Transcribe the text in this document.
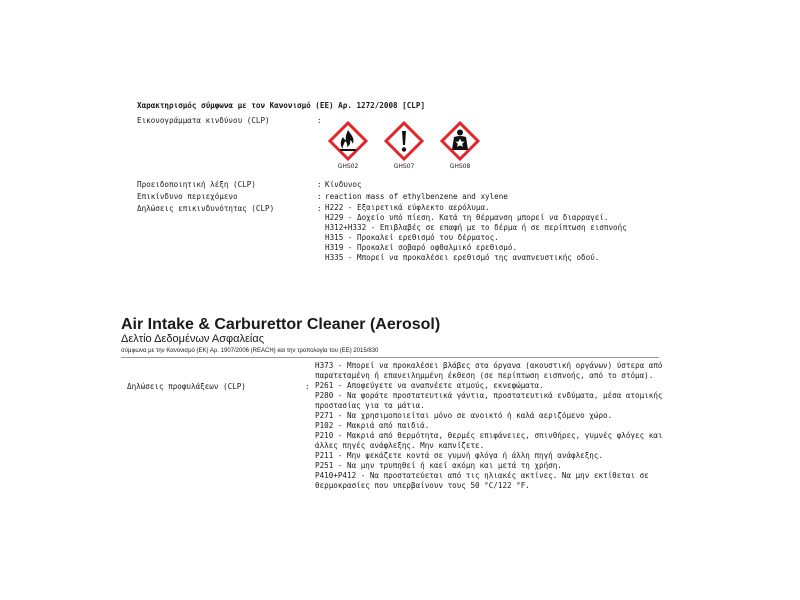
Χαρακτηρισμός σύμφωνα με τον Κανονισμό (ΕΕ) Αρ. 1272/2008 [CLP]
Εικονογράμματα κινδύνου (CLP)	:
GHS02	GHS07	GHS08
Προειδοποιητική λέξη (CLP)	: Κίνδυνος
Επικίνδυνο περιεχόμενο	: reaction mass of ethylbenzene and xylene
Δηλώσεις επικινδυνότητας (CLP)	: H222 - Εξαιρετικά εύφλεκτο αερόλυμα.
H229 - Δοχείο υπό πίεση. Κατά τη θέρμανση μπορεί να διαρραγεί.
H312+H332 - Επιβλαβές σε επαφή με το δέρμα ή σε περίπτωση εισπνοής
H315 - Προκαλεί ερεθισμό του δέρματος.
H319 - Προκαλεί σοβαρό οφθαλμικό ερεθισμό.
H335 - Μπορεί να προκαλέσει ερεθισμό της αναπνευστικής οδού.
Air Intake & Carburettor Cleaner (Aerosol)
Δελτίο Δεδομένων Ασφαλείας
σύμφωνα με την Κανονισμό (ΕΚ) Αρ. 1907/2006 (REACH) και την τροπολογία του (ΕΕ) 2015/830
H373 - Μπορεί να προκαλέσει βλάβες στα όργανα (ακουστική οργάνων) ύστερα από
παρατεταμένη ή επανειλημμένη έκθεση (σε περίπτωση εισπνοής, από το στόμα).
Δηλώσεις προφυλάξεων (CLP)	: P261 - Αποφεύγετε να αναπνέετε ατμούς, εκνεφώματα.
P280 - Να φοράτε προστατευτικά γάντια, προστατευτικά ενδύματα, μέσα ατομικής
προστασίας για τα μάτια.
P271 - Να χρησιμοποιείται μόνο σε ανοικτό ή καλά αεριζόμενο χώρο.
P102 - Μακριά από παιδιά.
P210 - Μακριά από θερμότητα, θερμές επιφάνειες, σπινθήρες, γυμνές φλόγες και
άλλες πηγές ανάφλεξης. Μην καπνίζετε.
P211 - Μην ψεκάζετε κοντά σε γυμνή φλόγα ή άλλη πηγή ανάφλεξης.
P251 - Να μην τρυπηθεί ή καεί ακόμη και μετά τη χρήση.
P410+P412 - Να προστατεύεται από τις ηλιακές ακτίνες. Να μην εκτίθεται σε
θερμοκρασίες που υπερβαίνουν τους 50 °C/122 °F.
